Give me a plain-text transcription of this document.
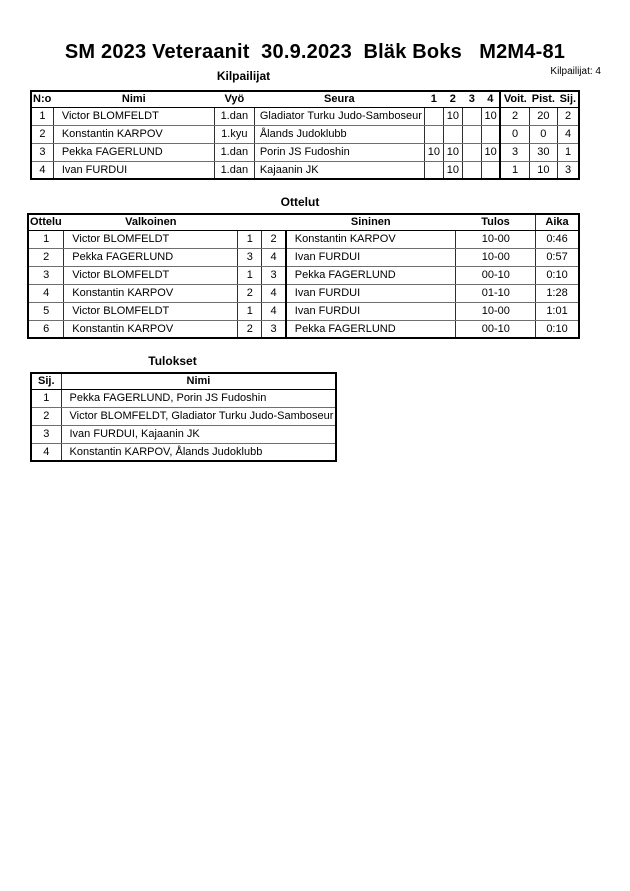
SM 2023 Veteraanit  30.9.2023  Bläk Boks   M2M4-81
Kilpailijat: 4
Kilpailijat
N:o	Nimi	Vyö	Seura	1	2	3	4	Voit.	Pist.	Sij.
1	Victor BLOMFELDT	1.dan	Gladiator Turku Judo-Samboseur		10		10	2	20	2
2	Konstantin KARPOV	1.kyu	Ålands Judoklubb					0	0	4
3	Pekka FAGERLUND	1.dan	Porin JS Fudoshin	10	10		10	3	30	1
4	Ivan FURDUI	1.dan	Kajaanin JK		10			1	10	3
Ottelut
Ottelu	Valkoinen			Sininen	Tulos	Aika
1	Victor BLOMFELDT	1	2	Konstantin KARPOV	10-00	0:46
2	Pekka FAGERLUND	3	4	Ivan FURDUI	10-00	0:57
3	Victor BLOMFELDT	1	3	Pekka FAGERLUND	00-10	0:10
4	Konstantin KARPOV	2	4	Ivan FURDUI	01-10	1:28
5	Victor BLOMFELDT	1	4	Ivan FURDUI	10-00	1:01
6	Konstantin KARPOV	2	3	Pekka FAGERLUND	00-10	0:10
Tulokset
Sij.	Nimi
1	Pekka FAGERLUND, Porin JS Fudoshin
2	Victor BLOMFELDT, Gladiator Turku Judo-Samboseur
3	Ivan FURDUI, Kajaanin JK
4	Konstantin KARPOV, Ålands Judoklubb
